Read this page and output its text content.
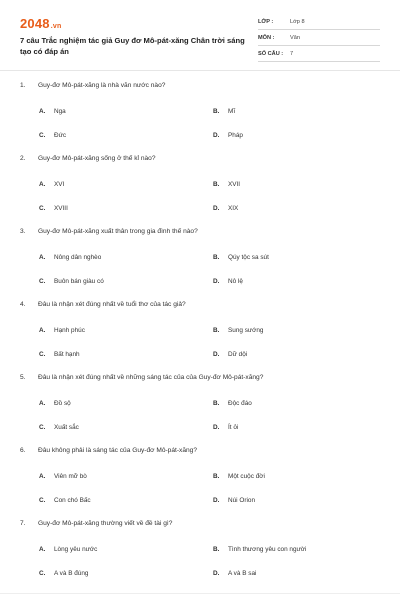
2048.vn
7 câu Trắc nghiệm tác giả Guy đơ Mô-pát-xăng Chân trời sáng tạo có đáp án
LỚP :	Lớp 8
MÔN :	Văn
SỐ CÂU :	7
1.	Guy-đơ Mô-pát-xăng là nhà văn nước nào?
A.	Nga	B.	Mĩ
C.	Đức	D.	Pháp
2.	Guy-đơ Mô-pát-xăng sống ở thế kỉ nào?
A.	XVI	B.	XVII
C.	XVIII	D.	XIX
3.	Guy-đơ Mô-pát-xăng xuất thân trong gia đình thế nào?
A.	Nông dân nghèo	B.	Qúy tộc sa sút
C.	Buôn bán giàu có	D.	Nô lệ
4.	Đâu là nhận xét đúng nhất về tuổi thơ của tác giả?
A.	Hạnh phúc	B.	Sung sướng
C.	Bất hạnh	D.	Dữ dội
5.	Đâu là nhận xét đúng nhất về những sáng tác của của Guy-đơ Mô-pát-xăng?
A.	Đồ sộ	B.	Độc đáo
C.	Xuất sắc	D.	Ít ỏi
6.	Đâu không phải là sáng tác của Guy-đơ Mô-pát-xăng?
A.	Viên mỡ bò	B.	Một cuộc đời
C.	Con chó Bấc	D.	Núi Orion
7.	Guy-đơ Mô-pát-xăng thường viết về đề tài gì?
A.	Lòng yêu nước	B.	Tình thương yêu con người
C.	A và B đúng	D.	A và B sai
